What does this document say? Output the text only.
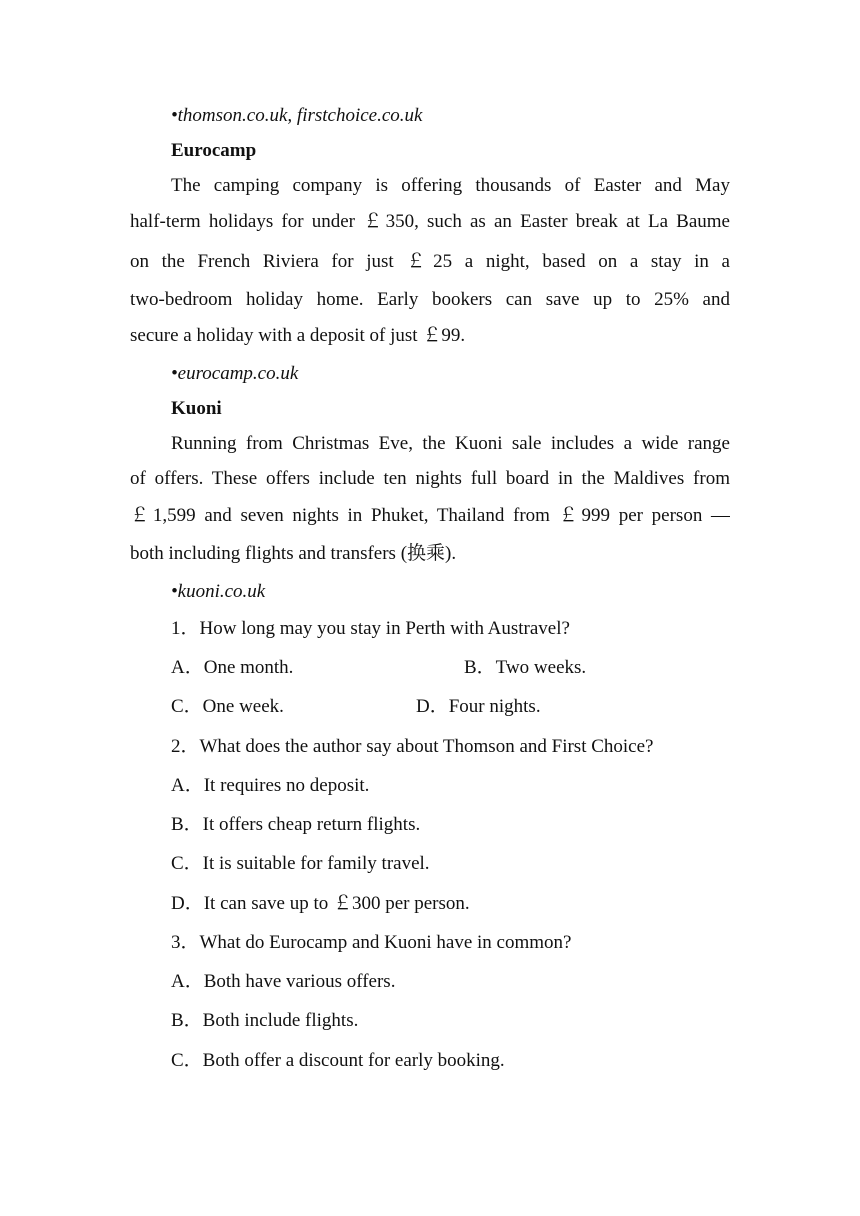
•thomson.co.uk, firstchoice.co.uk
Eurocamp
The camping company is offering thousands of Easter and May
half-term holidays for under ￡350, such as an Easter break at La Baume
on the French Riviera for just ￡25 a night, based on a stay in a
two-bedroom holiday home. Early bookers can save up to 25% and
secure a holiday with a deposit of just ￡99.
•eurocamp.co.uk
Kuoni
Running from Christmas Eve, the Kuoni sale includes a wide range
of offers. These offers include ten nights full board in the Maldives from
￡1,599 and seven nights in Phuket, Thailand from ￡999 per person —
both including flights and transfers (换乘).
•kuoni.co.uk
1．How long may you stay in Perth with Austravel?
A．One month.	B．Two weeks.
C．One week.	D．Four nights.
2．What does the author say about Thomson and First Choice?
A．It requires no deposit.
B．It offers cheap return flights.
C．It is suitable for family travel.
D．It can save up to ￡300 per person.
3．What do Eurocamp and Kuoni have in common?
A．Both have various offers.
B．Both include flights.
C．Both offer a discount for early booking.
